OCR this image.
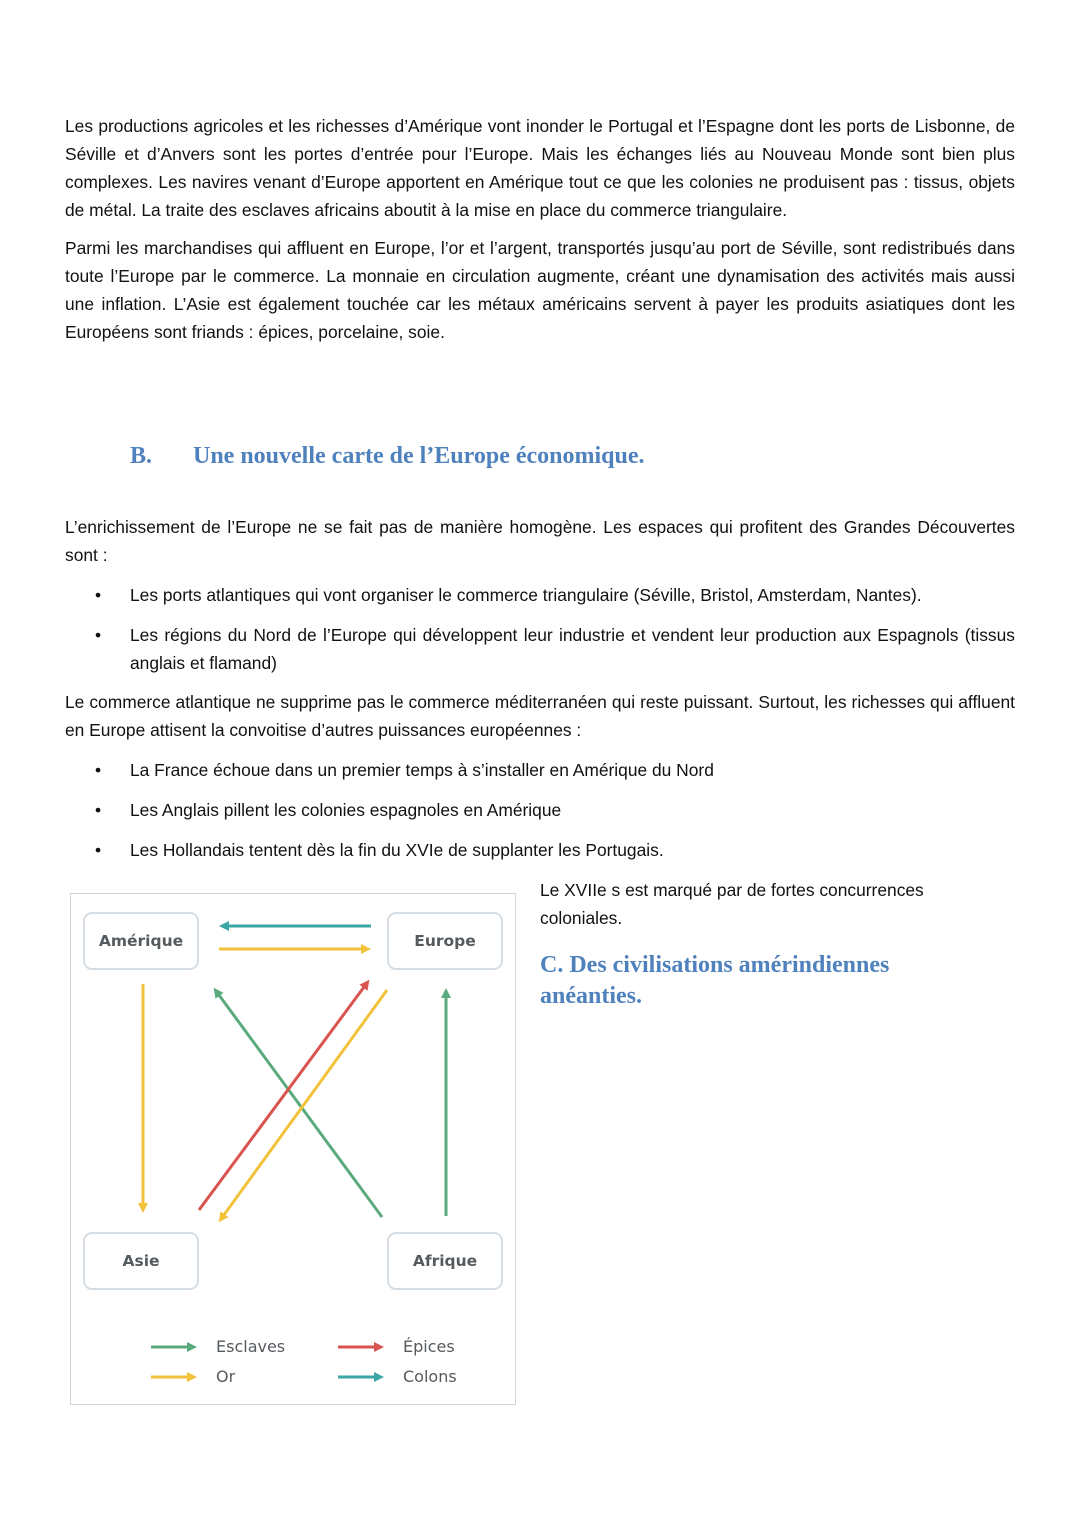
Les productions agricoles et les richesses d’Amérique vont inonder le Portugal et l’Espagne dont les ports de Lisbonne, de Séville et d’Anvers sont les portes d’entrée pour l’Europe. Mais les échanges liés au Nouveau Monde sont bien plus complexes. Les navires venant d’Europe apportent en Amérique tout ce que les colonies ne produisent pas : tissus, objets de métal. La traite des esclaves africains aboutit à la mise en place du commerce triangulaire.

Parmi les marchandises qui affluent en Europe, l’or et l’argent, transportés jusqu’au port de Séville, sont redistribués dans toute l’Europe par le commerce. La monnaie en circulation augmente, créant une dynamisation des activités mais aussi une inflation. L’Asie est également touchée car les métaux américains servent à payer les produits asiatiques dont les Européens sont friands : épices, porcelaine, soie.

B. Une nouvelle carte de l’Europe économique.

L’enrichissement de l’Europe ne se fait pas de manière homogène. Les espaces qui profitent des Grandes Découvertes sont :

• Les ports atlantiques qui vont organiser le commerce triangulaire (Séville, Bristol, Amsterdam, Nantes).
• Les régions du Nord de l’Europe qui développent leur industrie et vendent leur production aux Espagnols (tissus anglais et flamand)

Le commerce atlantique ne supprime pas le commerce méditerranéen qui reste puissant. Surtout, les richesses qui affluent en Europe attisent la convoitise d’autres puissances européennes :

• La France échoue dans un premier temps à s’installer en Amérique du Nord
• Les Anglais pillent les colonies espagnoles en Amérique
• Les Hollandais tentent dès la fin du XVIe de supplanter les Portugais.
Amérique	Europe
Asie	Afrique
Esclaves
Or
Épices
Colons

Le XVIIe s est marqué par de fortes concurrences coloniales.

C. Des civilisations amérindiennes anéanties.
